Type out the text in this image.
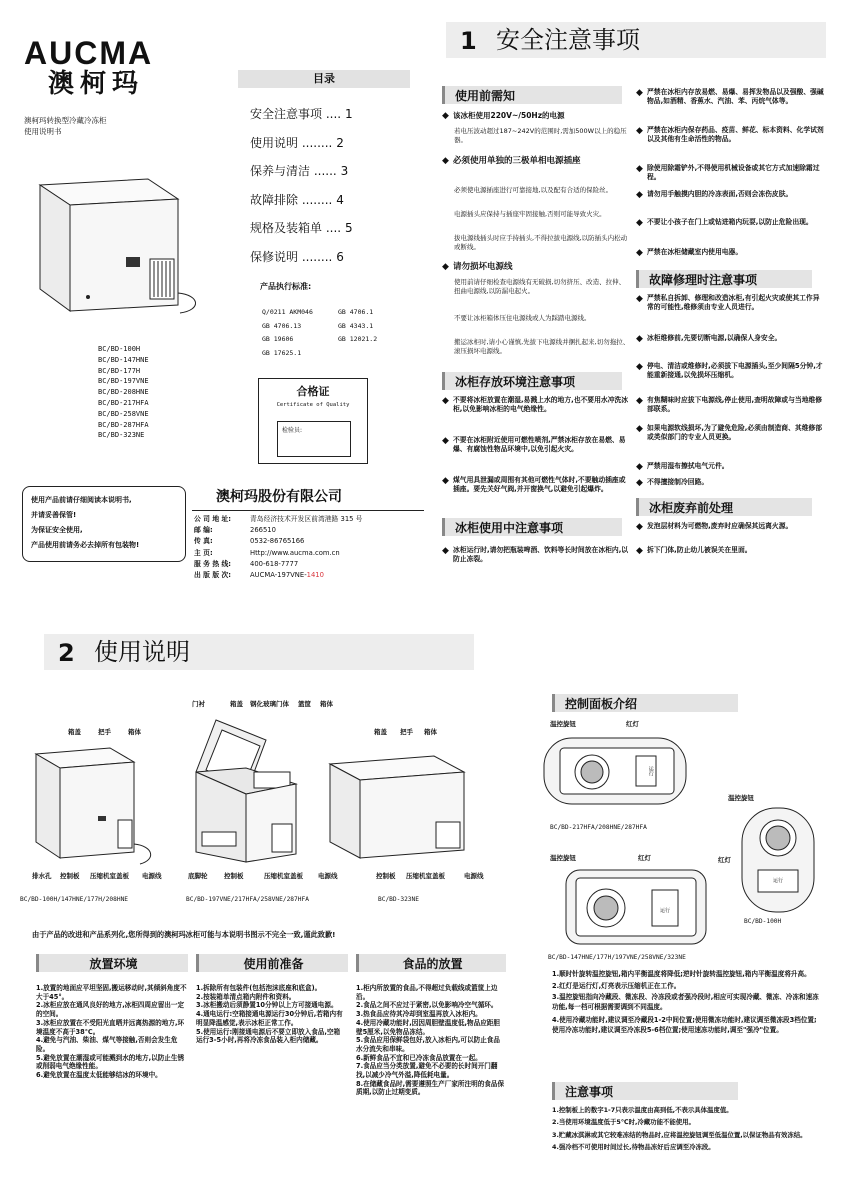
AUCMA
澳柯玛
澳柯玛转换型冷藏冷冻柜
使用说明书
BC/BD-100H
BC/BD-147HNE
BC/BD-177H
BC/BD-197VNE
BC/BD-208HNE
BC/BD-217HFA
BC/BD-258VNE
BC/BD-287HFA
BC/BD-323NE
使用产品前请仔细阅读本说明书,
并请妥善保管!
为保证安全使用,
产品使用前请务必去掉所有包装物!
目录
安全注意事项 .... 1
使用说明 ........ 2
保养与清洁 ...... 3
故障排除 ........ 4
规格及装箱单 .... 5
保修说明 ........ 6
产品执行标准:
Q/0211 AKM046	GB 4706.1
GB 4706.13	GB 4343.1
GB 19606	GB 12021.2
GB 17625.1
合格证
Certificate of Quality
检验员:
澳柯玛股份有限公司
公 司 地 址:	青岛经济技术开发区前湾港路 315 号
邮 编:	266510
传 真:	0532-86765166
主 页:	Http://www.aucma.com.cn
服 务 热 线:	400-618-7777
出 版 版 次:	AUCMA-197VNE-1410
1 安全注意事项
使用前需知
◆ 该冰柜使用220V~/50Hz的电源
若电压波动超过187~242V的范围时,需加500W以上的稳压器。
◆ 必须使用单独的三极单相电源插座
必须使电源插座进行可靠接地,以及配有合适的保险丝。
电源插头应保持与插座牢固接触,否则可能导致火灾。
拔电源线插头时应手持插头,不得拉拔电源线,以防插头内松动或断线。
◆ 请勿损坏电源线
使用前请仔细检查电源线有无破损,切勿挤压、改造、拉伸、扭曲电源线,以防漏电起火。
不要让冰柜箱体压住电源线或人为踩踏电源线。
搬运冰柜时,请小心谨慎,先拔下电源线并捆扎起来,切勿拖拉、滚压损坏电源线。
冰柜存放环境注意事项
◆ 不要将冰柜放置在潮湿,易溅上水的地方,也不要用水冲洗冰柜,以免影响冰柜的电气绝缘性。
◆ 不要在冰柜附近使用可燃性喷剂,严禁冰柜存放在易燃、易爆、有腐蚀性物品环境中,以免引起火灾。
◆ 煤气用具泄漏或周围有其他可燃性气体时,不要触动插座或插座。要先关好气阀,并开窗换气,以避免引起爆炸。
冰柜使用中注意事项
◆ 冰柜运行时,请勿把瓶装啤酒、饮料等长时间放在冰柜内,以防止冻裂。
◆ 严禁在冰柜内存放易燃、易爆、易挥发物品以及强酸、强碱物品,如酒精、香蕉水、汽油、苯、丙烷气体等。
◆ 严禁在冰柜内保存药品、疫苗、鲜花、标本资料、化学试剂以及其他有生命活性的物品。
◆ 除使用除霜铲外,不得使用机械设备或其它方式加速除霜过程。
◆ 请勿用手触摸内胆的冷冻表面,否则会冻伤皮肤。
◆ 不要让小孩子在门上或钻进箱内玩耍,以防止危险出现。
◆ 严禁在冰柜储藏室内使用电器。
故障修理时注意事项
◆ 严禁私自拆卸、修理和改造冰柜,有引起火灾或使其工作异常的可能性,维修须由专业人员进行。
◆ 冰柜维修前,先要切断电源,以确保人身安全。
◆ 停电、清洁或维修时,必须拔下电源插头,至少间隔5分钟,才能重新接通,以免损坏压缩机。
◆ 有焦糊味时应拔下电源线,停止使用,查明故障或与当地维修部联系。
◆ 如果电源软线损坏,为了避免危险,必须由制造商、其维修部或类似部门的专业人员更换。
◆ 严禁用湿布擦拭电气元件。
◆ 不得擅接制冷回路。
冰柜废弃前处理
◆ 发泡层材料为可燃物,废弃时应确保其远离火源。
◆ 拆下门体,防止幼儿被误关在里面。
2 使用说明
箱盖	把手	箱体
排水孔 控制板 压缩机室盖板 电源线
BC/BD-100H/147HNE/177H/208HNE
门衬	箱盖 钢化玻璃门体 篮筐 箱体
底脚轮	控制板	压缩机室盖板 电源线
BC/BD-197VNE/217HFA/258VNE/287HFA
箱盖 把手 箱体
控制板 压缩机室盖板	电源线
BC/BD-323NE
由于产品的改进和产品系列化,您所得到的澳柯玛冰柜可能与本说明书图示不完全一致,谨此致歉!
控制面板介绍
温控旋钮	红灯
运行
BC/BD-217HFA/208HNE/287HFA
温控旋钮
红灯
运行
BC/BD-100H
温控旋钮	红灯
运行
BC/BD-147HNE/177H/197VNE/258VNE/323NE
1.顺时针旋转温控旋钮,箱内平衡温度将降低;逆时针旋转温控旋钮,箱内平衡温度将升高。
2.红灯是运行灯,灯亮表示压缩机正在工作。
3.温控旋钮指向冷藏段、微冻段、冷冻段或者强冷段时,相应可实现冷藏、微冻、冷冻和速冻功能,每一档可根据需要调到不同温度。
4.使用冷藏功能时,建议调至冷藏段1-2中间位置;使用微冻功能时,建议调至微冻段3档位置;使用冷冻功能时,建议调至冷冻段5-6档位置;使用速冻功能时,调至"强冷"位置。
放置环境
1.放置的地面应平坦坚固,搬运移动时,其倾斜角度不大于45°。
2.冰柜应放在通风良好的地方,冰柜四周应留出一定的空间。
3.冰柜应放置在不受阳光直晒并远离热源的地方,环境温度不高于38℃。
4.避免与汽油、柴油、煤气等接触,否则会发生危险。
5.避免放置在潮湿或可能溅到水的地方,以防止生锈或削弱电气绝缘性能。
6.避免放置在温度太低能够结冰的环境中。
使用前准备
1.拆除所有包装件(包括泡沫底座和底盒)。
2.按装箱单清点箱内附件和资料。
3.冰柜搬动后须静置10分钟以上方可接通电源。
4.通电运行:空箱接通电源运行30分钟后,若箱内有明显降温感觉,表示冰柜正常工作。
5.使用运行:刚接通电源后不要立即放入食品,空箱运行3-5小时,再将冷冻食品装入柜内储藏。
食品的放置
1.柜内所放置的食品,不得超过负载线或篮筐上边沿。
2.食品之间不应过于紧密,以免影响冷空气循环。
3.热食品应待其冷却到室温再放入冰柜内。
4.使用冷藏功能时,因因周胆壁温度低,物品应距胆壁5厘米,以免物品冻结。
5.食品应用保鲜袋包好,放入冰柜内,可以防止食品水分流失和串味。
6.新鲜食品不宜和已冷冻食品放置在一起。
7.食品应当分类放置,避免不必要的长时间开门翻找,以减少冷气外溢,降低耗电量。
8.在储藏食品时,需要遵照生产厂家所注明的食品保质期,以防止过期变质。	注意事项
1.控制板上的数字1-7只表示温度由高到低,不表示具体温度值。
2.当使用环境温度低于5℃时,冷藏功能不能使用。
3.贮藏冰淇淋或其它较难冻结的物品时,应将温控旋钮调至低温位置,以保证物品有效冻结。
4.强冷档不可使用时间过长,待物品冻好后应调至冷冻段。
